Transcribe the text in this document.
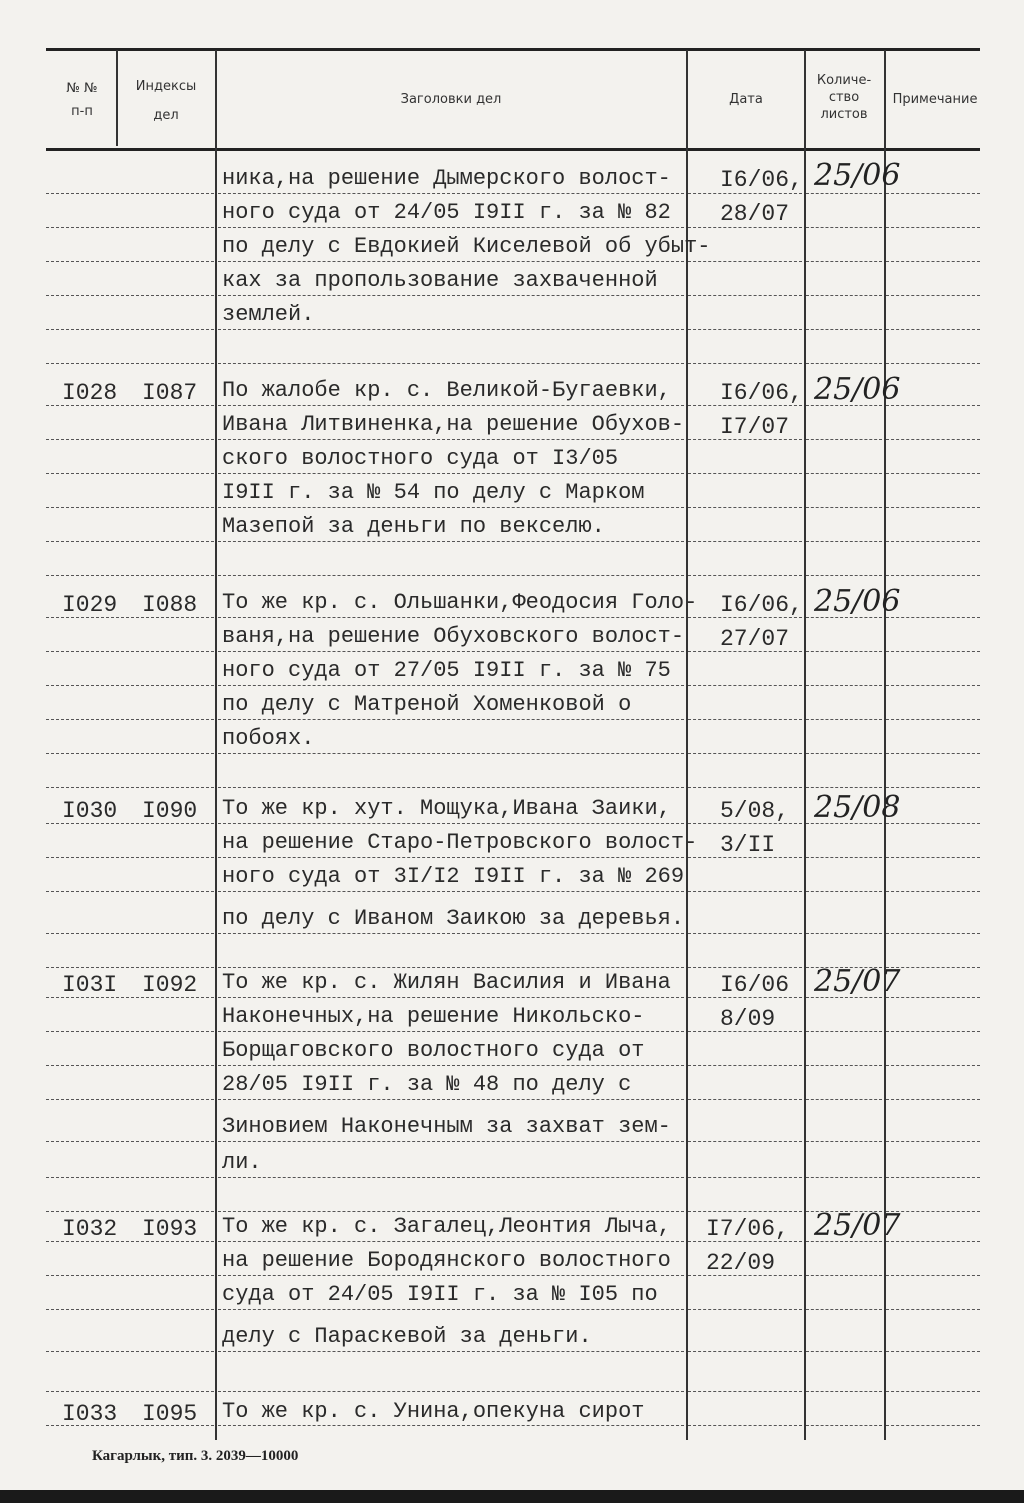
№ №
п-п
Индексы
дел
Заголовки дел	Дата
Количе-
ство
листов
Примечание
ника,на решение Дымерского волост-
ного суда от 24/05 I9II г. за № 82
по делу с Евдокией Киселевой об убыт-
ках за пропользование захваченной
землей.
I6/06,
28/07
25/06
I028 I087 По жалобе кр. с. Великой-Бугаевки,
Ивана Литвиненка,на решение Обухов-
ского волостного суда от I3/05
I9II г. за № 54 по делу с Марком
Мазепой за деньги по векселю.
I6/06,
I7/07
25/06
I029 I088 То же кр. с. Ольшанки,Феодосия Голо-
ваня,на решение Обуховского волост-
ного суда от 27/05 I9II г. за № 75
по делу с Матреной Хоменковой о
побоях.
I6/06,
27/07
25/06
I030 I090 То же кр. хут. Мощука,Ивана Заики,
на решение Старо-Петровского волост-
ного суда от 3I/I2 I9II г. за № 269
по делу с Иваном Заикою за деревья.
5/08,
3/II
25/08
I03I I092 То же кр. с. Жилян Василия и Ивана
Наконечных,на решение Никольско-
Борщаговского волостного суда от
28/05 I9II г. за № 48 по делу с
Зиновием Наконечным за захват зем-
ли.
I6/06
8/09
25/07
I032 I093 То же кр. с. Загалец,Леонтия Лыча,
на решение Бородянского волостного
суда от 24/05 I9II г. за № I05 по
делу с Параскевой за деньги.
I7/06,
22/09
25/07
I033 I095 То же кр. с. Унина,опекуна сирот
Кагарлык, тип. 3. 2039—10000
